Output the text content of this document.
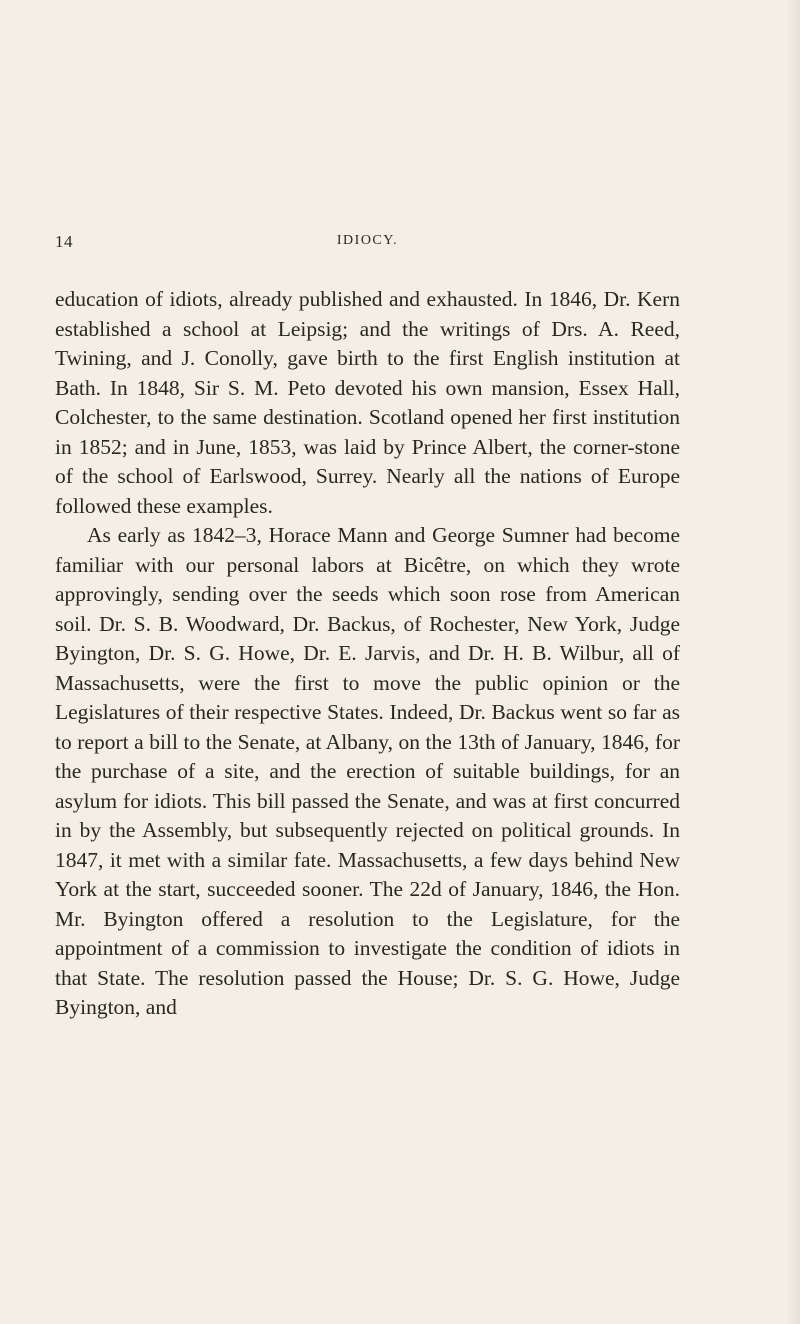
14	IDIOCY.

education of idiots, already published and exhausted. In 1846, Dr. Kern established a school at Leipsig; and the writings of Drs. A. Reed, Twining, and J. Conolly, gave birth to the first English institution at Bath. In 1848, Sir S. M. Peto devoted his own mansion, Essex Hall, Colchester, to the same destination. Scotland opened her first institution in 1852; and in June, 1853, was laid by Prince Albert, the corner-stone of the school of Earlswood, Surrey. Nearly all the nations of Europe followed these examples.

As early as 1842–3, Horace Mann and George Sumner had become familiar with our personal labors at Bicêtre, on which they wrote approvingly, sending over the seeds which soon rose from American soil. Dr. S. B. Woodward, Dr. Backus, of Rochester, New York, Judge Byington, Dr. S. G. Howe, Dr. E. Jarvis, and Dr. H. B. Wilbur, all of Massachusetts, were the first to move the public opinion or the Legislatures of their respective States. Indeed, Dr. Backus went so far as to report a bill to the Senate, at Albany, on the 13th of January, 1846, for the purchase of a site, and the erection of suitable buildings, for an asylum for idiots. This bill passed the Senate, and was at first concurred in by the Assembly, but subsequently rejected on political grounds. In 1847, it met with a similar fate. Massachusetts, a few days behind New York at the start, succeeded sooner. The 22d of January, 1846, the Hon. Mr. Byington offered a resolution to the Legislature, for the appointment of a commission to investigate the condition of idiots in that State. The resolution passed the House; Dr. S. G. Howe, Judge Byington, and
